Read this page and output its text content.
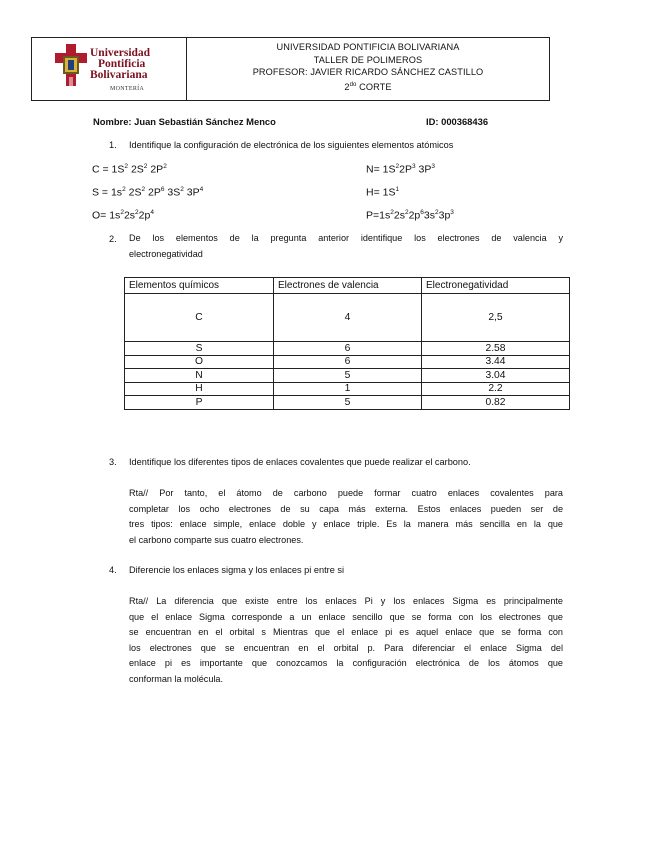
Universidad
Pontificia
Bolivariana
MONTERÍA
UNIVERSIDAD PONTIFICIA BOLIVARIANA
TALLER DE POLIMEROS
PROFESOR: JAVIER RICARDO SÁNCHEZ CASTILLO
$2^{do}$ CORTE
Nombre: Juan Sebastián Sánchez Menco	ID: 000368436
1. Identifique la configuración de electrónica de los siguientes elementos atómicos
$C = 1S^2$ $2S^2$ $2P^2$	$N= 1S^22P^3$ $3P^3$
$S = 1s^2$ $2S^2$ $2P^6$ $3S^2$ $3P^4$	$H= 1S^1$
$O= 1s^22s^22p^4$	$P=1s^22s^22p^63s^23p^3$
2. De los elementos de la pregunta anterior identifique los electrones de valencia y
electronegatividad
Elementos químicos	Electrones de valencia	Electronegatividad
C	4	2,5
S	6	2.58
O	6	3.44
N	5	3.04
H	1	2.2
P	5	0.82
3. Identifique los diferentes tipos de enlaces covalentes que puede realizar el carbono.
Rta// Por tanto, el átomo de carbono puede formar cuatro enlaces covalentes para
completar los ocho electrones de su capa más externa. Estos enlaces pueden ser de
tres tipos: enlace simple, enlace doble y enlace triple. Es la manera más sencilla en la que
el carbono comparte sus cuatro electrones.
4. Diferencie los enlaces sigma y los enlaces pi entre si
Rta// La diferencia que existe entre los enlaces Pi y los enlaces Sigma es principalmente
que el enlace Sigma corresponde a un enlace sencillo que se forma con los electrones que
se encuentran en el orbital s Mientras que el enlace pi es aquel enlace que se forma con
los electrones que se encuentran en el orbital p. Para diferenciar el enlace Sigma del
enlace pi es importante que conozcamos la configuración electrónica de los átomos que
conforman la molécula.
